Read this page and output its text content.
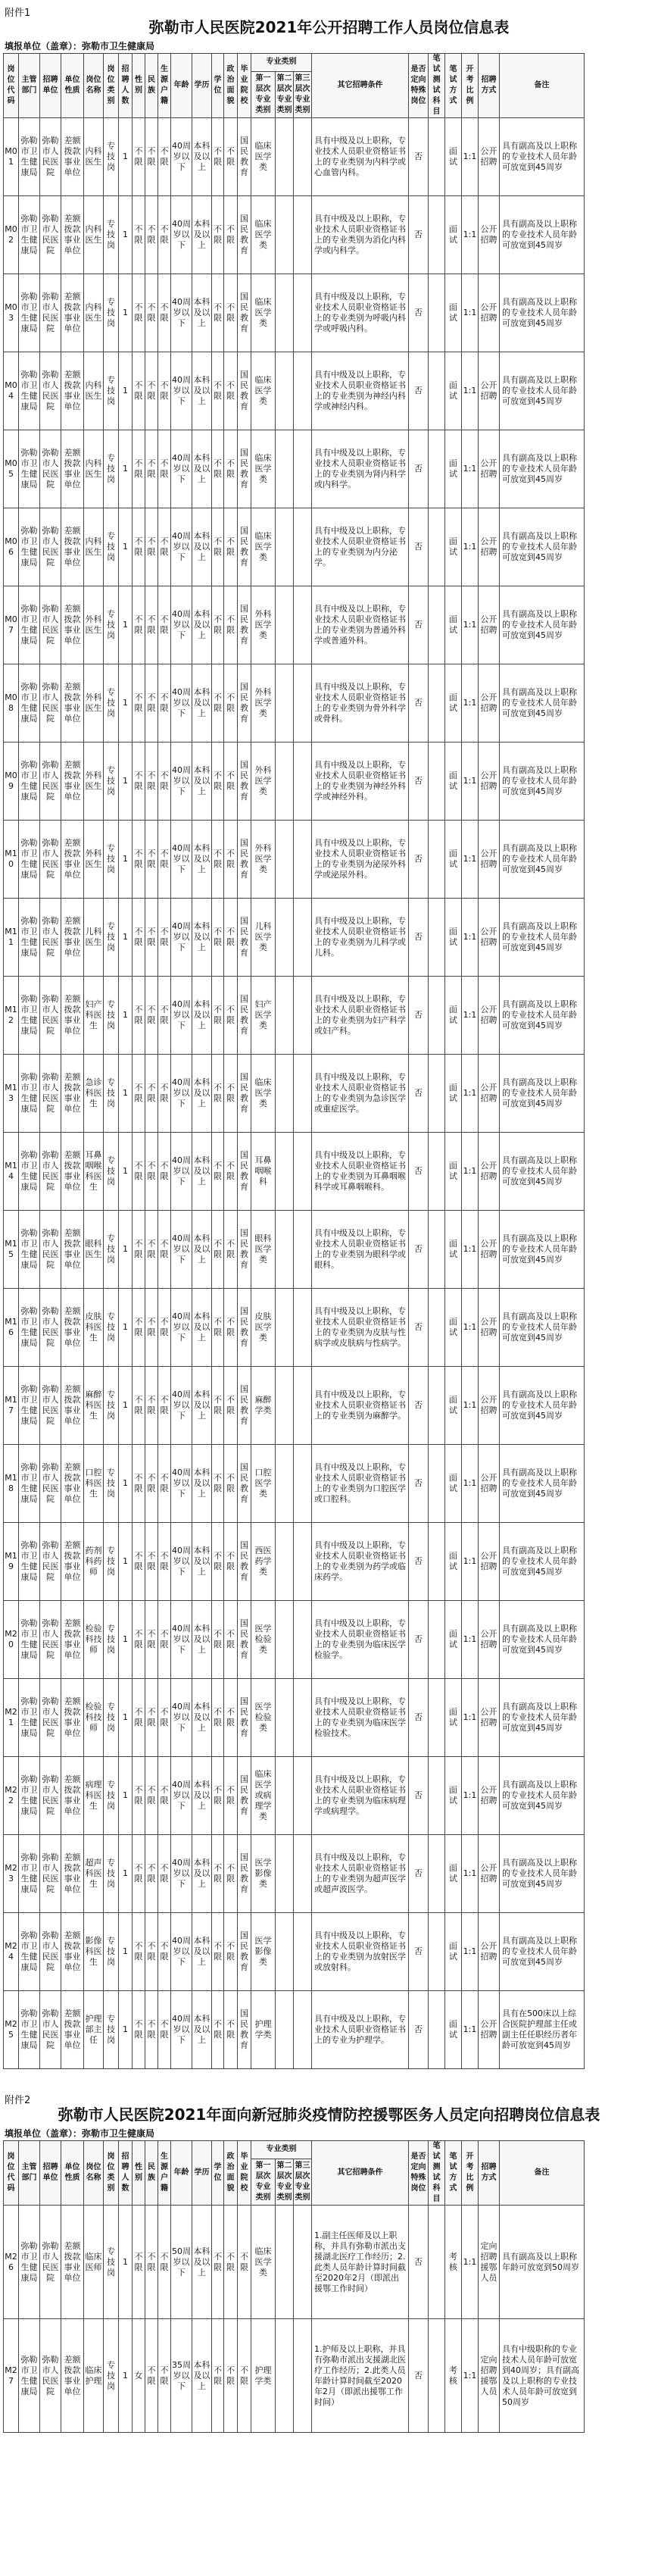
附件1
弥勒市人民医院2021年公开招聘工作人员岗位信息表
填报单位（盖章）：弥勒市卫生健康局
岗位代码	主管部门	招聘单位	单位性质	岗位名称	岗位类别	招聘人数	性别	民族	生源户籍	年龄	学历	学位	政治面貌	毕业院校	专业类别			其它招聘条件	是否定向特殊岗位	笔试测试科目	笔试方式	开考比例	招聘方式	备注
															第一层次专业类别	第二层次专业类别	第三层次专业类别							
M01	弥勒市卫生健康局	弥勒市人民医院	差额拨款事业单位	内科医生	专技岗	1	不限	不限	不限	40周岁以下	本科及以上	不限	不限	国民教育	临床医学类			具有中级及以上职称，专业技术人员职业资格证书上的专业类别为内科学或心血管内科。	否		面试	1:1	公开招聘	具有副高及以上职称的专业技术人员年龄可放宽到45周岁
M02	弥勒市卫生健康局	弥勒市人民医院	差额拨款事业单位	内科医生	专技岗	1	不限	不限	不限	40周岁以下	本科及以上	不限	不限	国民教育	临床医学类			具有中级及以上职称，专业技术人员职业资格证书上的专业类别为消化内科学或内科学。	否		面试	1:1	公开招聘	具有副高及以上职称的专业技术人员年龄可放宽到45周岁
M03	弥勒市卫生健康局	弥勒市人民医院	差额拨款事业单位	内科医生	专技岗	1	不限	不限	不限	40周岁以下	本科及以上	不限	不限	国民教育	临床医学类			具有中级及以上职称，专业技术人员职业资格证书上的专业类别为呼吸内科学或呼吸内科。	否		面试	1:1	公开招聘	具有副高及以上职称的专业技术人员年龄可放宽到45周岁
M04	弥勒市卫生健康局	弥勒市人民医院	差额拨款事业单位	内科医生	专技岗	1	不限	不限	不限	40周岁以下	本科及以上	不限	不限	国民教育	临床医学类			具有中级及以上职称，专业技术人员职业资格证书上的专业类别为神经内科学或神经内科。	否		面试	1:1	公开招聘	具有副高及以上职称的专业技术人员年龄可放宽到45周岁
M05	弥勒市卫生健康局	弥勒市人民医院	差额拨款事业单位	内科医生	专技岗	1	不限	不限	不限	40周岁以下	本科及以上	不限	不限	国民教育	临床医学类			具有中级及以上职称，专业技术人员职业资格证书上的专业类别为肾内科学或内科学。	否		面试	1:1	公开招聘	具有副高及以上职称的专业技术人员年龄可放宽到45周岁
M06	弥勒市卫生健康局	弥勒市人民医院	差额拨款事业单位	内科医生	专技岗	1	不限	不限	不限	40周岁以下	本科及以上	不限	不限	国民教育	临床医学类			具有中级及以上职称，专业技术人员职业资格证书上的专业类别为内分泌学。	否		面试	1:1	公开招聘	具有副高及以上职称的专业技术人员年龄可放宽到45周岁
M07	弥勒市卫生健康局	弥勒市人民医院	差额拨款事业单位	外科医生	专技岗	1	不限	不限	不限	40周岁以下	本科及以上	不限	不限	国民教育	外科医学类			具有中级及以上职称，专业技术人员职业资格证书上的专业类别为普通外科学或普通外科。	否		面试	1:1	公开招聘	具有副高及以上职称的专业技术人员年龄可放宽到45周岁
M08	弥勒市卫生健康局	弥勒市人民医院	差额拨款事业单位	外科医生	专技岗	1	不限	不限	不限	40周岁以下	本科及以上	不限	不限	国民教育	外科医学类			具有中级及以上职称，专业技术人员职业资格证书上的专业类别为骨外科学或骨科。	否		面试	1:1	公开招聘	具有副高及以上职称的专业技术人员年龄可放宽到45周岁
M09	弥勒市卫生健康局	弥勒市人民医院	差额拨款事业单位	外科医生	专技岗	1	不限	不限	不限	40周岁以下	本科及以上	不限	不限	国民教育	外科医学类			具有中级及以上职称，专业技术人员职业资格证书上的专业类别为神经外科学或神经外科。	否		面试	1:1	公开招聘	具有副高及以上职称的专业技术人员年龄可放宽到45周岁
M10	弥勒市卫生健康局	弥勒市人民医院	差额拨款事业单位	外科医生	专技岗	1	不限	不限	不限	40周岁以下	本科及以上	不限	不限	国民教育	外科医学类			具有中级及以上职称，专业技术人员职业资格证书上的专业类别为泌尿外科学或泌尿外科。	否		面试	1:1	公开招聘	具有副高及以上职称的专业技术人员年龄可放宽到45周岁
M11	弥勒市卫生健康局	弥勒市人民医院	差额拨款事业单位	儿科医生	专技岗	1	不限	不限	不限	40周岁以下	本科及以上	不限	不限	国民教育	儿科医学类			具有中级及以上职称，专业技术人员职业资格证书上的专业类别为儿科学或儿科。	否		面试	1:1	公开招聘	具有副高及以上职称的专业技术人员年龄可放宽到45周岁
M12	弥勒市卫生健康局	弥勒市人民医院	差额拨款事业单位	妇产科医生	专技岗	1	不限	不限	不限	40周岁以下	本科及以上	不限	不限	国民教育	妇产医学类			具有中级及以上职称，专业技术人员职业资格证书上的专业类别为妇产科学或妇产科。	否		面试	1:1	公开招聘	具有副高及以上职称的专业技术人员年龄可放宽到45周岁
M13	弥勒市卫生健康局	弥勒市人民医院	差额拨款事业单位	急诊科医生	专技岗	1	不限	不限	不限	40周岁以下	本科及以上	不限	不限	国民教育	临床医学类			具有中级及以上职称，专业技术人员职业资格证书上的专业类别为急诊医学或重症医学。	否		面试	1:1	公开招聘	具有副高及以上职称的专业技术人员年龄可放宽到45周岁
M14	弥勒市卫生健康局	弥勒市人民医院	差额拨款事业单位	耳鼻咽喉科医生	专技岗	1	不限	不限	不限	40周岁以下	本科及以上	不限	不限	国民教育	耳鼻咽喉科			具有中级及以上职称，专业技术人员职业资格证书上的专业类别为耳鼻咽喉科学或耳鼻咽喉科。	否		面试	1:1	公开招聘	具有副高及以上职称的专业技术人员年龄可放宽到45周岁
M15	弥勒市卫生健康局	弥勒市人民医院	差额拨款事业单位	眼科医生	专技岗	1	不限	不限	不限	40周岁以下	本科及以上	不限	不限	国民教育	眼科医学类			具有中级及以上职称，专业技术人员职业资格证书上的专业类别为眼科学或眼科。	否		面试	1:1	公开招聘	具有副高及以上职称的专业技术人员年龄可放宽到45周岁
M16	弥勒市卫生健康局	弥勒市人民医院	差额拨款事业单位	皮肤科医生	专技岗	1	不限	不限	不限	40周岁以下	本科及以上	不限	不限	国民教育	皮肤医学类			具有中级及以上职称，专业技术人员职业资格证书上的专业类别为皮肤与性病学或皮肤病与性病学。	否		面试	1:1	公开招聘	具有副高及以上职称的专业技术人员年龄可放宽到45周岁
M17	弥勒市卫生健康局	弥勒市人民医院	差额拨款事业单位	麻醉科医生	专技岗	1	不限	不限	不限	40周岁以下	本科及以上	不限	不限	国民教育	麻醉学类			具有中级及以上职称，专业技术人员职业资格证书上的专业类别为麻醉学。	否		面试	1:1	公开招聘	具有副高及以上职称的专业技术人员年龄可放宽到45周岁
M18	弥勒市卫生健康局	弥勒市人民医院	差额拨款事业单位	口腔科医生	专技岗	1	不限	不限	不限	40周岁以下	本科及以上	不限	不限	国民教育	口腔医学类			具有中级及以上职称，专业技术人员职业资格证书上的专业类别为口腔医学或口腔科。	否		面试	1:1	公开招聘	具有副高及以上职称的专业技术人员年龄可放宽到45周岁
M19	弥勒市卫生健康局	弥勒市人民医院	差额拨款事业单位	药剂科药师	专技岗	1	不限	不限	不限	40周岁以下	本科及以上	不限	不限	国民教育	西医药学类			具有中级及以上职称，专业技术人员职业资格证书上的专业类别为药学或临床药学。	否		面试	1:1	公开招聘	具有副高及以上职称的专业技术人员年龄可放宽到45周岁
M20	弥勒市卫生健康局	弥勒市人民医院	差额拨款事业单位	检验科技师	专技岗	1	不限	不限	不限	40周岁以下	本科及以上	不限	不限	国民教育	医学检验类			具有中级及以上职称，专业技术人员职业资格证书上的专业类别为临床医学检验学。	否		面试	1:1	公开招聘	具有副高及以上职称的专业技术人员年龄可放宽到45周岁
M21	弥勒市卫生健康局	弥勒市人民医院	差额拨款事业单位	检验科技师	专技岗	1	不限	不限	不限	40周岁以下	本科及以上	不限	不限	国民教育	医学检验类			具有中级及以上职称，专业技术人员职业资格证书上的专业类别为临床医学检验技术。	否		面试	1:1	公开招聘	具有副高及以上职称的专业技术人员年龄可放宽到45周岁
M22	弥勒市卫生健康局	弥勒市人民医院	差额拨款事业单位	病理科医生	专技岗	1	不限	不限	不限	40周岁以下	本科及以上	不限	不限	国民教育	临床医学或病理学类			具有中级及以上职称，专业技术人员职业资格证书上的专业类别为临床病理学或病理学。	否		面试	1:1	公开招聘	具有副高及以上职称的专业技术人员年龄可放宽到45周岁
M23	弥勒市卫生健康局	弥勒市人民医院	差额拨款事业单位	超声科医生	专技岗	1	不限	不限	不限	40周岁以下	本科及以上	不限	不限	国民教育	医学影像类			具有中级及以上职称，专业技术人员职业资格证书上的专业类别为超声医学或超声波医学。	否		面试	1:1	公开招聘	具有副高及以上职称的专业技术人员年龄可放宽到45周岁
M24	弥勒市卫生健康局	弥勒市人民医院	差额拨款事业单位	影像科医生	专技岗	1	不限	不限	不限	40周岁以下	本科及以上	不限	不限	国民教育	医学影像类			具有中级及以上职称，专业技术人员职业资格证书上的专业类别为放射医学或放射科。	否		面试	1:1	公开招聘	具有副高及以上职称的专业技术人员年龄可放宽到45周岁
M25	弥勒市卫生健康局	弥勒市人民医院	差额拨款事业单位	护理部主任	专技岗	1	不限	不限	不限	40周岁以下	本科及以上	不限	不限	国民教育	护理学类			具有中级及以上职称，专业技术人员职业资格证书上的专业为护理学。	否		面试	1:1	公开招聘	具有在500床以上综合医院护理部主任或副主任任职经历者年龄可放宽到45周岁
附件2
弥勒市人民医院2021年面向新冠肺炎疫情防控援鄂医务人员定向招聘岗位信息表
填报单位（盖章）：弥勒市卫生健康局
岗位代码	主管部门	招聘单位	单位性质	岗位名称	岗位类别	招聘人数	性别	民族	生源户籍	年龄	学历	学位	政治面貌	毕业院校	专业类别			其它招聘条件	是否定向特殊岗位	笔试测试科目	笔试方式	开考比例	招聘方式	备注
															第一层次专业类别	第二层次专业类别	第三层次专业类别							
M26	弥勒市卫生健康局	弥勒市人民医院	差额拨款事业单位	临床医师	专技岗	1	不限	不限	不限	50周岁以下	本科及以上	不限	不限	不限	临床医学类			1.副主任医师及以上职称，并具有弥勒市派出支援湖北医疗工作经历；2.此类人员年龄计算时间截至2020年2月（即派出援鄂工作时间）	否		考核	1:1	定向招聘援鄂人员	具有副高及以上职称年龄可放宽到50周岁
M27	弥勒市卫生健康局	弥勒市人民医院	差额拨款事业单位	临床护理	专技岗	1	女	不限	不限	35周岁以下	本科及以上	不限	不限	不限	护理学类			1.护师及以上职称，并具有弥勒市派出支援湖北医疗工作经历；2.此类人员年龄计算时间截至2020年2月（即派出援鄂工作时间）	否		考核	1:1	定向招聘援鄂人员	具有中级职称的专业技术人员年龄可放宽到40周岁；具有副高及以上职称的专业技术人员年龄可放宽到50周岁
